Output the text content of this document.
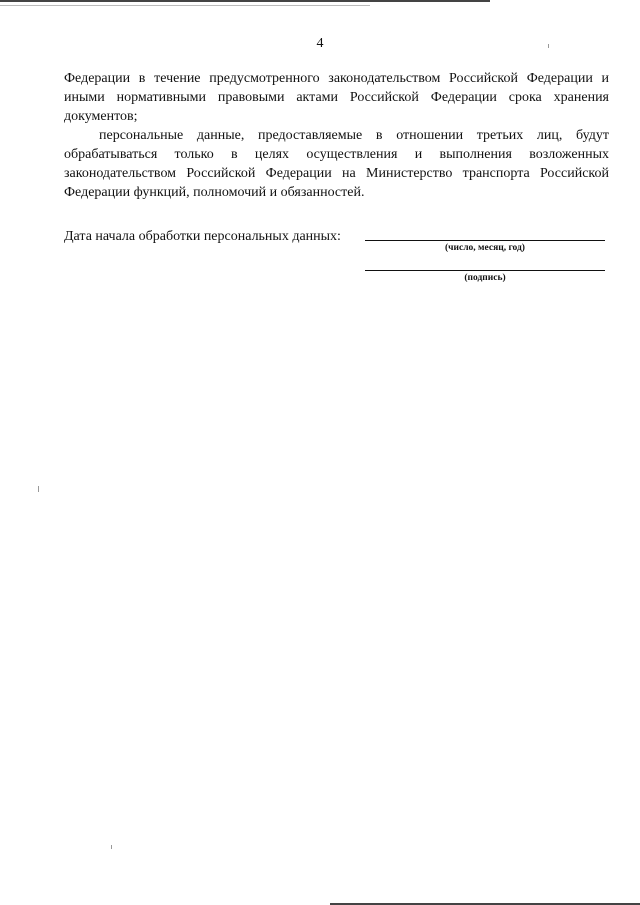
4

Федерации в течение предусмотренного законодательством Российской Федерации и иными нормативными правовыми актами Российской Федерации срока хранения документов;

персональные данные, предоставляемые в отношении третьих лиц, будут обрабатываться только в целях осуществления и выполнения возложенных законодательством Российской Федерации на Министерство транспорта Российской Федерации функций, полномочий и обязанностей.

Дата начала обработки персональных данных:
(число, месяц, год)
(подпись)
